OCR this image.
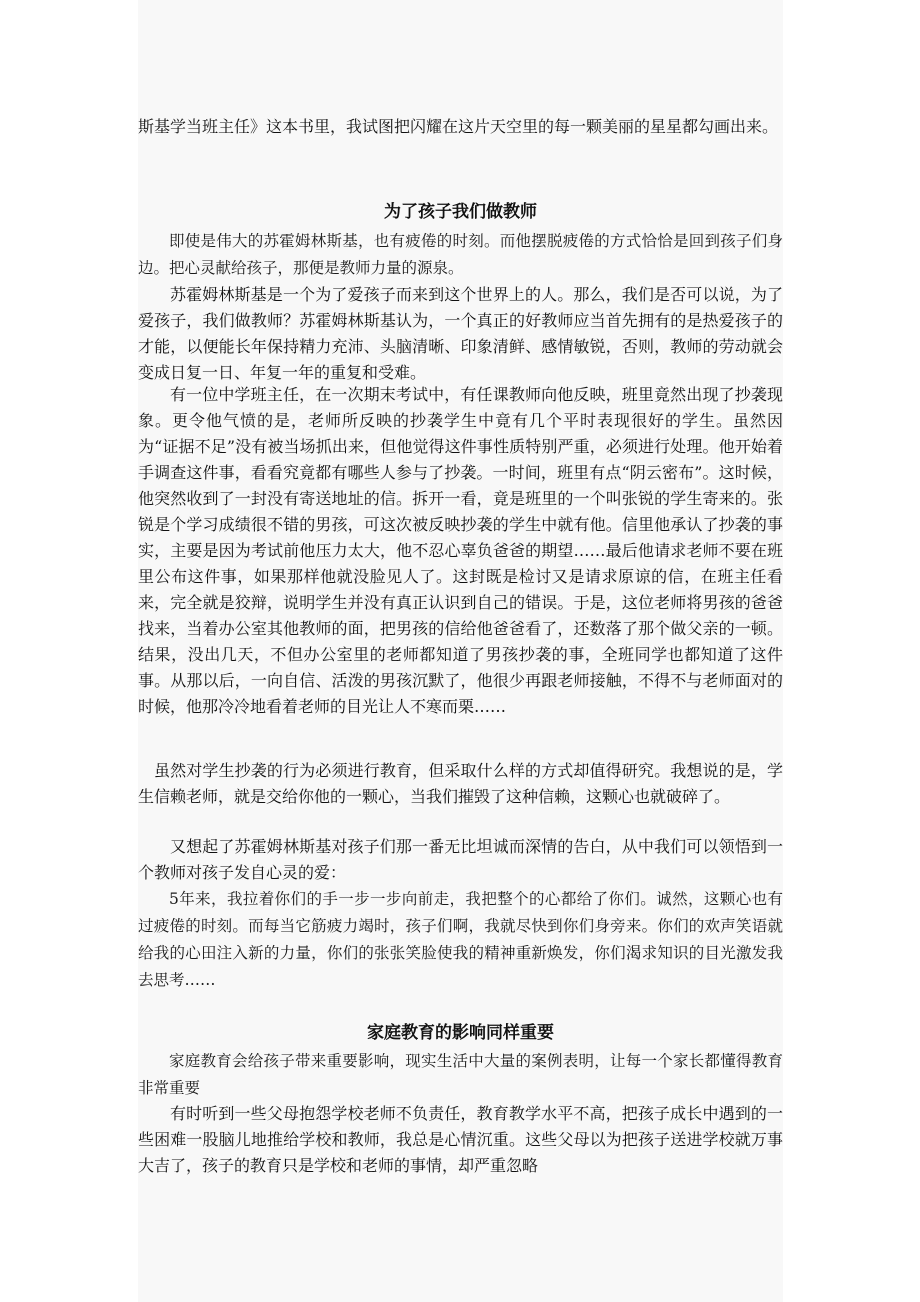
斯基学当班主任》这本书里，我试图把闪耀在这片天空里的每一颗美丽的星星都勾画出来。

为了孩子我们做教师

即使是伟大的苏霍姆林斯基，也有疲倦的时刻。而他摆脱疲倦的方式恰恰是回到孩子们身边。把心灵献给孩子，那便是教师力量的源泉。

苏霍姆林斯基是一个为了爱孩子而来到这个世界上的人。那么，我们是否可以说，为了爱孩子，我们做教师？苏霍姆林斯基认为，一个真正的好教师应当首先拥有的是热爱孩子的才能，以便能长年保持精力充沛、头脑清晰、印象清鲜、感情敏锐，否则，教师的劳动就会变成日复一日、年复一年的重复和受难。

有一位中学班主任，在一次期末考试中，有任课教师向他反映，班里竟然出现了抄袭现象。更令他气愤的是，老师所反映的抄袭学生中竟有几个平时表现很好的学生。虽然因为“证据不足”没有被当场抓出来，但他觉得这件事性质特别严重，必须进行处理。他开始着手调查这件事，看看究竟都有哪些人参与了抄袭。一时间，班里有点“阴云密布”。这时候，他突然收到了一封没有寄送地址的信。拆开一看，竟是班里的一个叫张锐的学生寄来的。张锐是个学习成绩很不错的男孩，可这次被反映抄袭的学生中就有他。信里他承认了抄袭的事实，主要是因为考试前他压力太大，他不忍心辜负爸爸的期望……最后他请求老师不要在班里公布这件事，如果那样他就没脸见人了。这封既是检讨又是请求原谅的信，在班主任看来，完全就是狡辩，说明学生并没有真正认识到自己的错误。于是，这位老师将男孩的爸爸找来，当着办公室其他教师的面，把男孩的信给他爸爸看了，还数落了那个做父亲的一顿。结果，没出几天，不但办公室里的老师都知道了男孩抄袭的事，全班同学也都知道了这件事。从那以后，一向自信、活泼的男孩沉默了，他很少再跟老师接触，不得不与老师面对的时候，他那冷冷地看着老师的目光让人不寒而栗……

虽然对学生抄袭的行为必须进行教育，但采取什么样的方式却值得研究。我想说的是，学生信赖老师，就是交给你他的一颗心，当我们摧毁了这种信赖，这颗心也就破碎了。

又想起了苏霍姆林斯基对孩子们那一番无比坦诚而深情的告白，从中我们可以领悟到一个教师对孩子发自心灵的爱：

5年来，我拉着你们的手一步一步向前走，我把整个的心都给了你们。诚然，这颗心也有过疲倦的时刻。而每当它筋疲力竭时，孩子们啊，我就尽快到你们身旁来。你们的欢声笑语就给我的心田注入新的力量，你们的张张笑脸使我的精神重新焕发，你们渴求知识的目光激发我去思考……

家庭教育的影响同样重要

家庭教育会给孩子带来重要影响，现实生活中大量的案例表明，让每一个家长都懂得教育非常重要

有时听到一些父母抱怨学校老师不负责任，教育教学水平不高，把孩子成长中遇到的一些困难一股脑儿地推给学校和教师，我总是心情沉重。这些父母以为把孩子送进学校就万事大吉了，孩子的教育只是学校和老师的事情，却严重忽略
